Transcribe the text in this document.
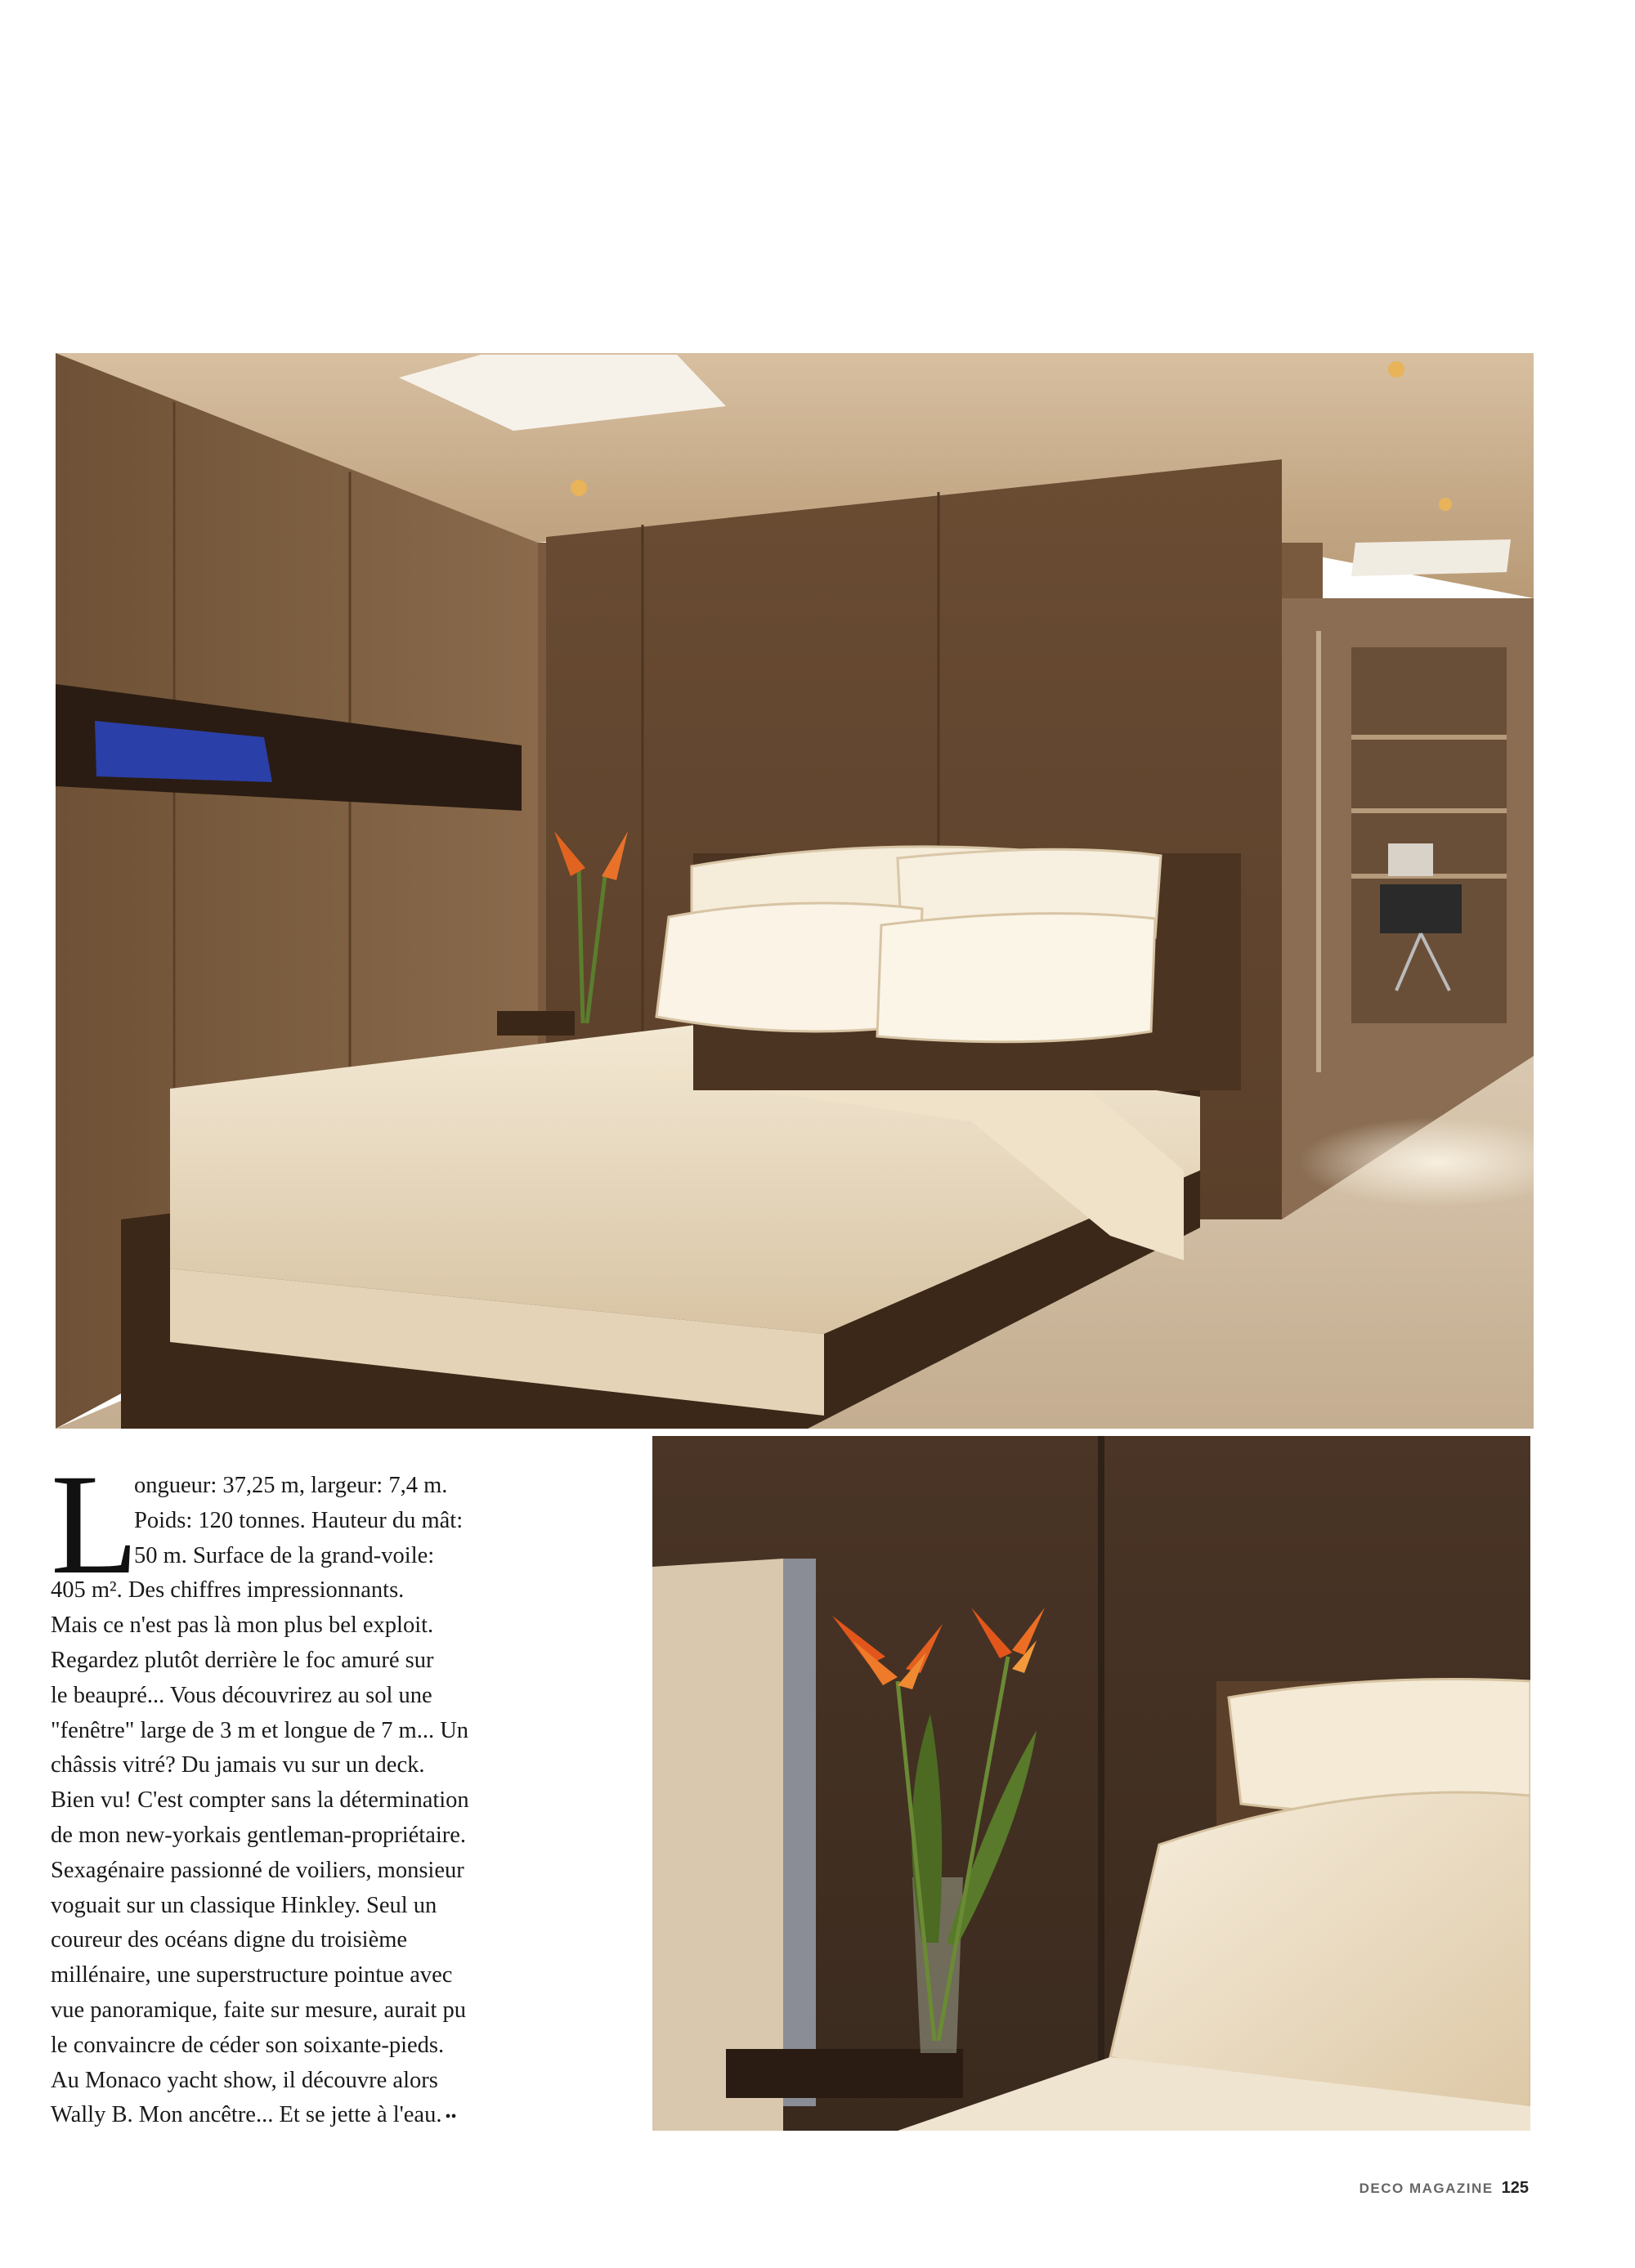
L
ongueur: 37,25 m, largeur: 7,4 m.
Poids: 120 tonnes. Hauteur du mât:
50 m. Surface de la grand-voile:
405 m². Des chiffres impressionnants.
Mais ce n'est pas là mon plus bel exploit.
Regardez plutôt derrière le foc amuré sur
le beaupré... Vous découvrirez au sol une
"fenêtre" large de 3 m et longue de 7 m... Un
châssis vitré? Du jamais vu sur un deck.
Bien vu! C'est compter sans la détermination
de mon new-yorkais gentleman-propriétaire.
Sexagénaire passionné de voiliers, monsieur
voguait sur un classique Hinkley. Seul un
coureur des océans digne du troisième
millénaire, une superstructure pointue avec
vue panoramique, faite sur mesure, aurait pu
le convaincre de céder son soixante-pieds.
Au Monaco yacht show, il découvre alors
Wally B. Mon ancêtre... Et se jette à l'eau. ••
DECO MAGAZINE 125
